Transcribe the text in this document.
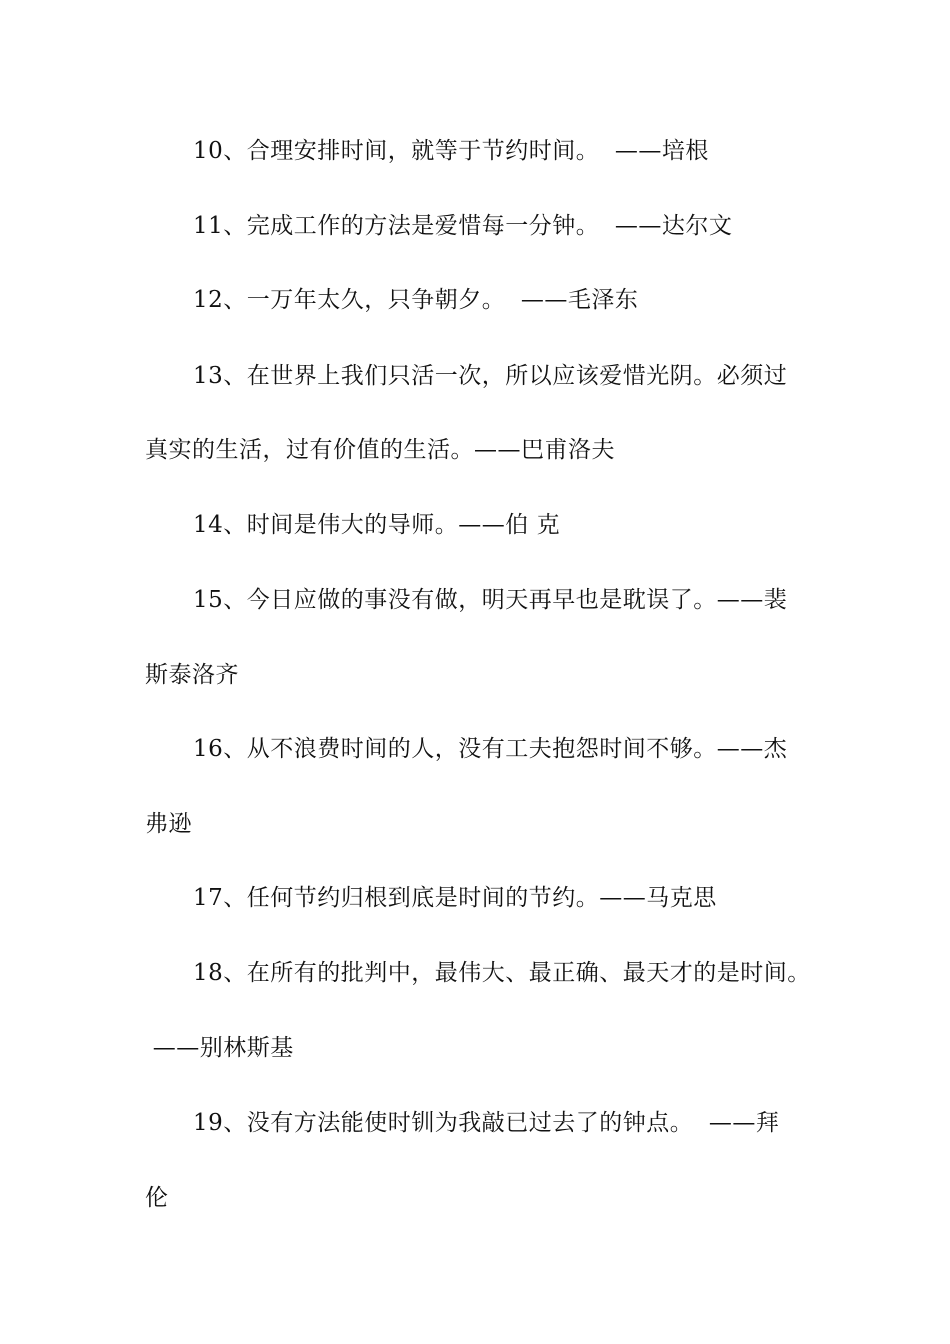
10、合理安排时间，就等于节约时间。  ——培根
11、完成工作的方法是爱惜每一分钟。  ——达尔文
12、一万年太久，只争朝夕。  ——毛泽东
13、在世界上我们只活一次，所以应该爱惜光阴。必须过
真实的生活，过有价值的生活。——巴甫洛夫
14、时间是伟大的导师。——伯 克
15、今日应做的事没有做，明天再早也是耽误了。——裴
斯泰洛齐
16、从不浪费时间的人，没有工夫抱怨时间不够。——杰
弗逊
17、任何节约归根到底是时间的节约。——马克思
18、在所有的批判中，最伟大、最正确、最天才的是时间。
——别林斯基
19、没有方法能使时钏为我敲已过去了的钟点。  ——拜
伦
